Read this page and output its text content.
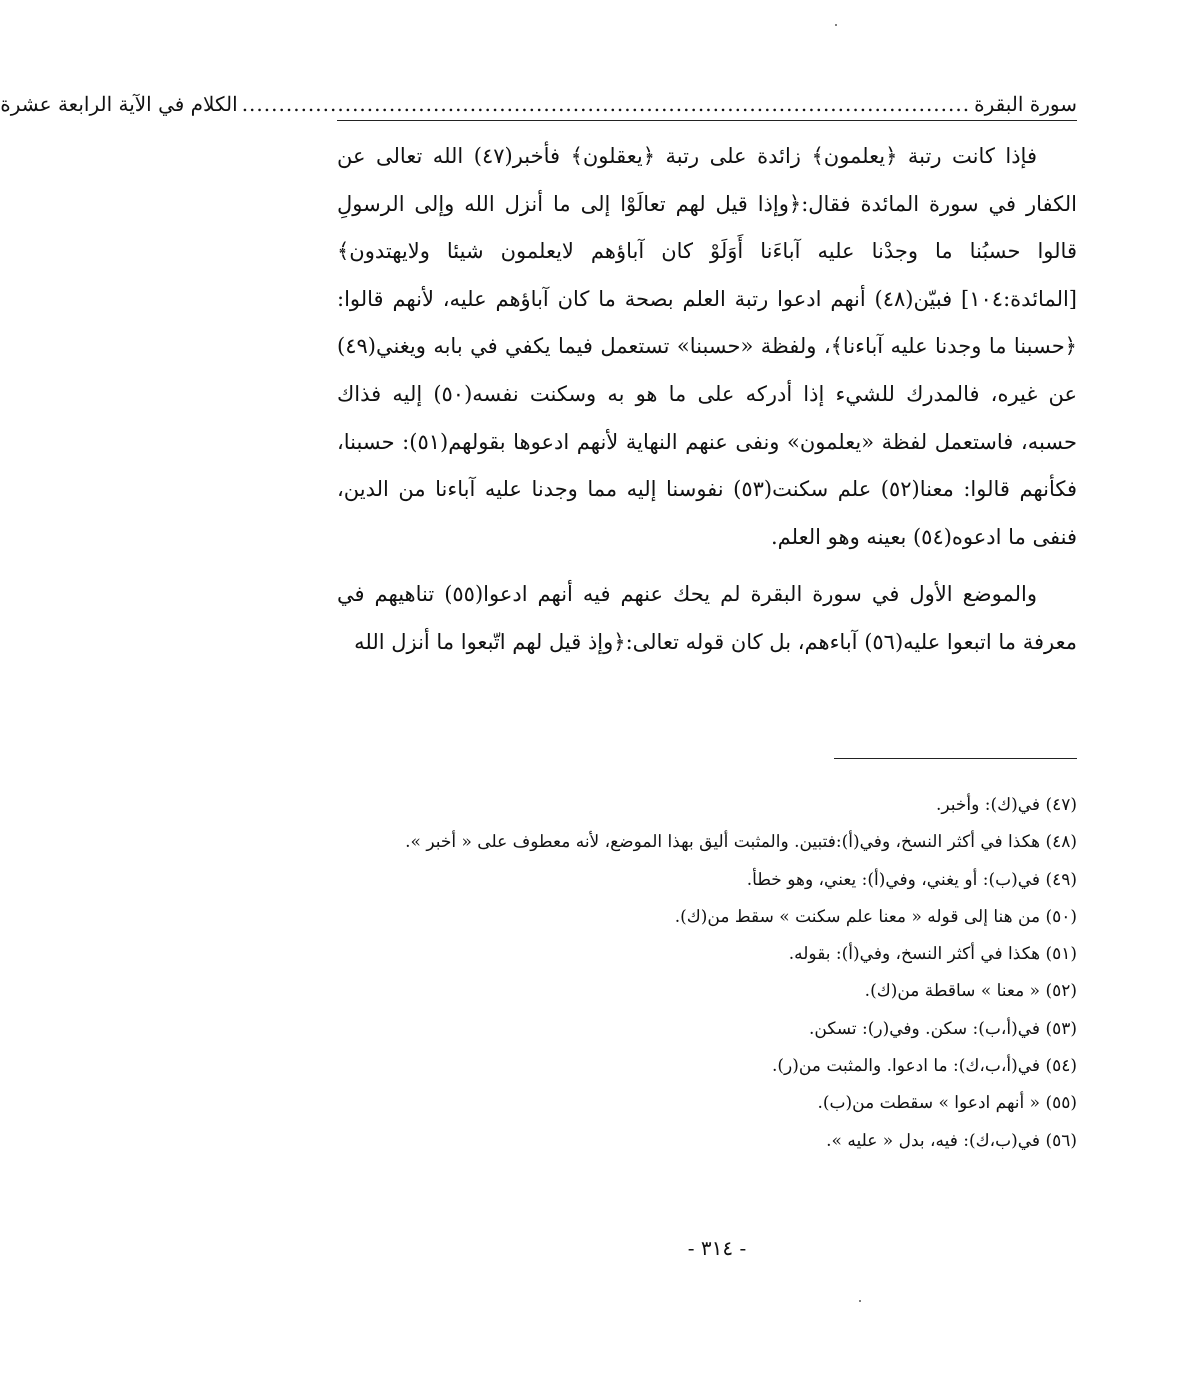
سورة البقرة
...................................................................................................
الكلام في الآية الرابعة عشرة

فإذا كانت رتبة ﴿يعلمون﴾ زائدة على رتبة ﴿يعقلون﴾ فأخبر(٤٧) الله تعالى عن الكفار في سورة المائدة فقال:﴿وإذا قيل لهم تعالَوْا إلى ما أنزل الله وإلى الرسولِ قالوا حسبُنا ما وجدْنا عليه آباءَنا أَوَلَوْ كان آباؤهم لايعلمون شيئا ولايهتدون﴾ [المائدة:١٠٤] فبيّن(٤٨) أنهم ادعوا رتبة العلم بصحة ما كان آباؤهم عليه، لأنهم قالوا: ﴿حسبنا ما وجدنا عليه آباءنا﴾، ولفظة «حسبنا» تستعمل فيما يكفي في بابه ويغني(٤٩) عن غيره، فالمدرك للشيء إذا أدركه على ما هو به وسكنت نفسه(٥٠) إليه فذاك حسبه، فاستعمل لفظة «يعلمون» ونفى عنهم النهاية لأنهم ادعوها بقولهم(٥١): حسبنا، فكأنهم قالوا: معنا(٥٢) علم سكنت(٥٣) نفوسنا إليه مما وجدنا عليه آباءنا من الدين، فنفى ما ادعوه(٥٤) بعينه وهو العلم.

والموضع الأول في سورة البقرة لم يحك عنهم فيه أنهم ادعوا(٥٥) تناهيهم في معرفة ما اتبعوا عليه(٥٦) آباءهم، بل كان قوله تعالى:﴿وإذ قيل لهم اتّبعوا ما أنزل الله

(٤٧) في(ك): وأخبر.
(٤٨) هكذا في أكثر النسخ، وفي(أ):فتبين. والمثبت أليق بهذا الموضع، لأنه معطوف على « أخبر ».
(٤٩) في(ب): أو يغني، وفي(أ): يعني، وهو خطأ.
(٥٠) من هنا إلى قوله « معنا علم سكنت » سقط من(ك).
(٥١) هكذا في أكثر النسخ، وفي(أ): بقوله.
(٥٢) « معنا » ساقطة من(ك).
(٥٣) في(أ،ب): سكن. وفي(ر): تسكن.
(٥٤) في(أ،ب،ك): ما ادعوا. والمثبت من(ر).
(٥٥) « أنهم ادعوا » سقطت من(ب).
(٥٦) في(ب،ك): فيه، بدل « عليه ».
- ٣١٤ -
